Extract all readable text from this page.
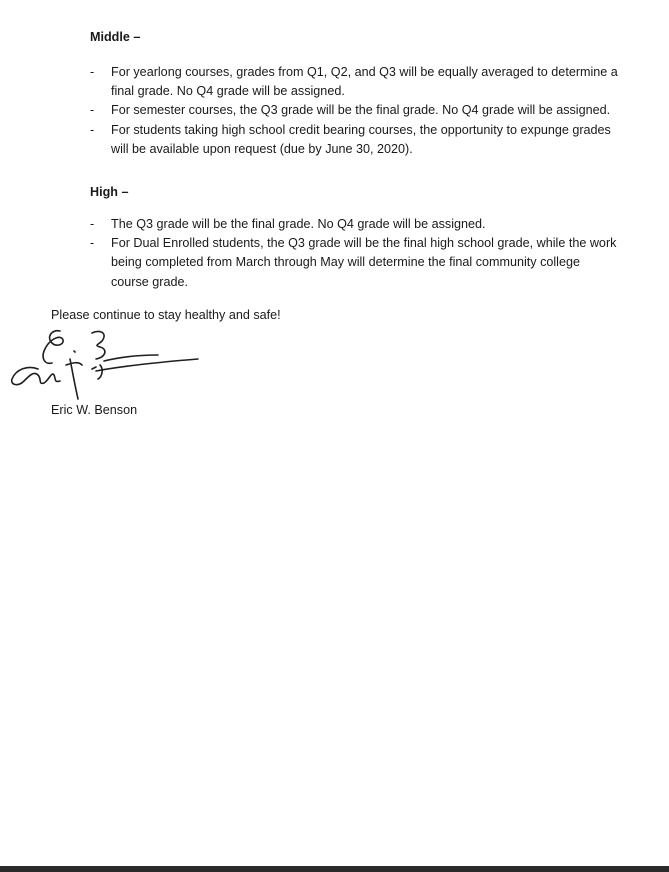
Middle –
-	For yearlong courses, grades from Q1, Q2, and Q3 will be equally averaged to determine a final grade. No Q4 grade will be assigned.
-	For semester courses, the Q3 grade will be the final grade. No Q4 grade will be assigned.
-	For students taking high school credit bearing courses, the opportunity to expunge grades will be available upon request (due by June 30, 2020).
High –
-	The Q3 grade will be the final grade. No Q4 grade will be assigned.
-	For Dual Enrolled students, the Q3 grade will be the final high school grade, while the work being completed from March through May will determine the final community college course grade.
Please continue to stay healthy and safe!
Eric W. Benson
